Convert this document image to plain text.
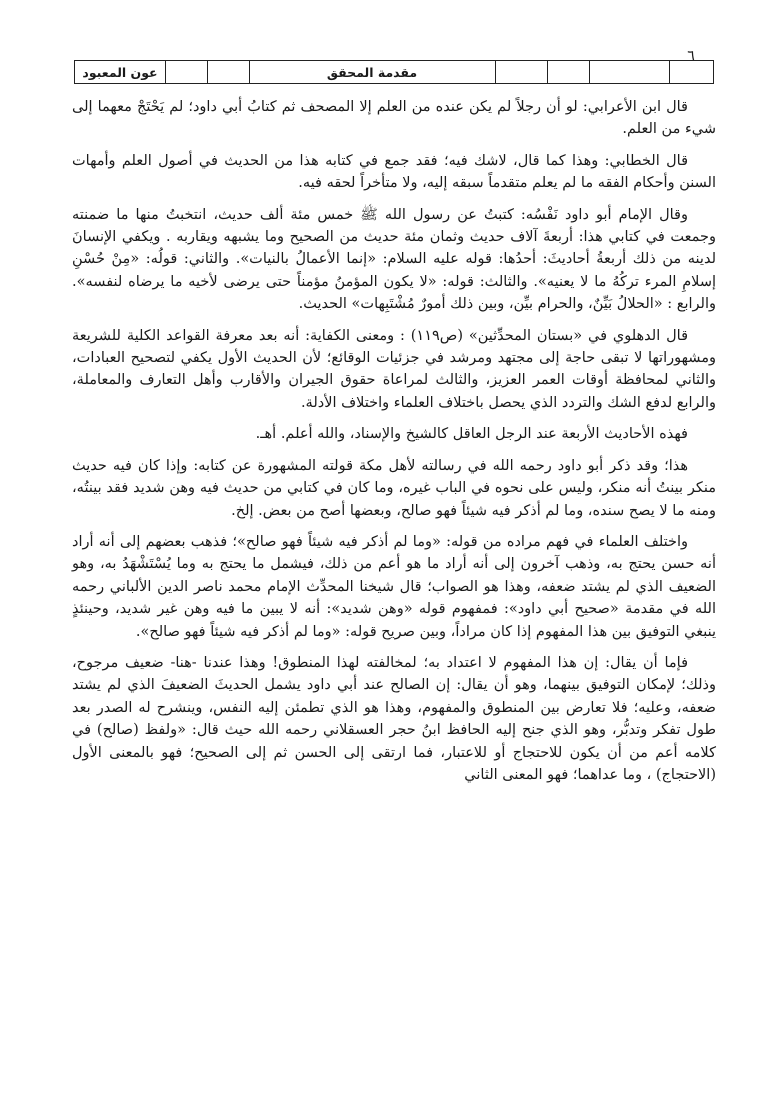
٦
عون المعبود	مقدمة المحقق

قال ابن الأعرابي: لو أن رجلاً لم يكن عنده من العلم إلا المصحف ثم كتابُ أبي داود؛ لم يَحْتَجْ معهما إلى شيء من العلم.

قال الخطابي: وهذا كما قال، لاشك فيه؛ فقد جمع في كتابه هذا من الحديث في أصول العلم وأمهات السنن وأحكام الفقه ما لم يعلم متقدماً سبقه إليه، ولا متأخراً لحقه فيه.

وقال الإمام أبو داود نَفْسُه: كتبتُ عن رسول الله ﷺ خمس مئة ألف حديث، انتخبتُ منها ما ضمنته وجمعت في كتابي هذا: أربعةَ آلاف حديث وثمان مئة حديث من الصحيح وما يشبهه ويقاربه . ويكفي الإنسانَ لدينه من ذلك أربعةُ أحاديثَ: أحدُها: قوله عليه السلام: «إنما الأعمالُ بالنيات». والثاني: قولُه: «مِنْ حُسْنِ إسلامِ المرء تركُهُ ما لا يعنيه». والثالث: قوله: «لا يكون المؤمنُ مؤمناً حتى يرضى لأخيه ما يرضاه لنفسه». والرابع : «الحلالُ بَيِّنٌ، والحرام بيِّن، وبين ذلك أمورٌ مُشْتَبِهات» الحديث.

قال الدهلوي في «بستان المحدِّثين» (ص١١٩) : ومعنى الكفاية: أنه بعد معرفة القواعد الكلية للشريعة ومشهوراتها لا تبقى حاجة إلى مجتهد ومرشد في جزئيات الوقائع؛ لأن الحديث الأول يكفي لتصحيح العبادات، والثاني لمحافظة أوقات العمر العزيز، والثالث لمراعاة حقوق الجيران والأقارب وأهل التعارف والمعاملة، والرابع لدفع الشك والتردد الذي يحصل باختلاف العلماء واختلاف الأدلة.

فهذه الأحاديث الأربعة عند الرجل العاقل كالشيخ والإسناد، والله أعلم. أهـ.

هذا؛ وقد ذكر أبو داود رحمه الله في رسالته لأهل مكة قولته المشهورة عن كتابه: وإذا كان فيه حديث منكر بينتُ أنه منكر، وليس على نحوه في الباب غيره، وما كان في كتابي من حديث فيه وهن شديد فقد بينتُه، ومنه ما لا يصح سنده، وما لم أذكر فيه شيئاً فهو صالح، وبعضها أصح من بعض. إلخ.

واختلف العلماء في فهم مراده من قوله: «وما لم أذكر فيه شيئاً فهو صالح»؛ فذهب بعضهم إلى أنه أراد أنه حسن يحتج به، وذهب آخرون إلى أنه أراد ما هو أعم من ذلك، فيشمل ما يحتج به وما يُسْتَشْهَدُ به، وهو الضعيف الذي لم يشتد ضعفه، وهذا هو الصواب؛ قال شيخنا المحدِّث الإمام محمد ناصر الدين الألباني رحمه الله في مقدمة «صحيح أبي داود»: فمفهوم قوله «وهن شديد»: أنه لا يبين ما فيه وهن غير شديد، وحينئذٍ ينبغي التوفيق بين هذا المفهوم إذا كان مراداً، وبين صريح قوله: «وما لم أذكر فيه شيئاً فهو صالح».

فإما أن يقال: إن هذا المفهوم لا اعتداد به؛ لمخالفته لهذا المنطوق! وهذا عندنا -هنا- ضعيف مرجوح، وذلك؛ لإمكان التوفيق بينهما، وهو أن يقال: إن الصالح عند أبي داود يشمل الحديثَ الضعيفَ الذي لم يشتد ضعفه، وعليه؛ فلا تعارض بين المنطوق والمفهوم، وهذا هو الذي تطمئن إليه النفس، وينشرح له الصدر بعد طول تفكر وتدبُّر، وهو الذي جنح إليه الحافظ ابنُ حجر العسقلاني رحمه الله حيث قال: «ولفظ (صالح) في كلامه أعم من أن يكون للاحتجاج أو للاعتبار، فما ارتقى إلى الحسن ثم إلى الصحيح؛ فهو بالمعنى الأول (الاحتجاج) ، وما عداهما؛ فهو المعنى الثاني
